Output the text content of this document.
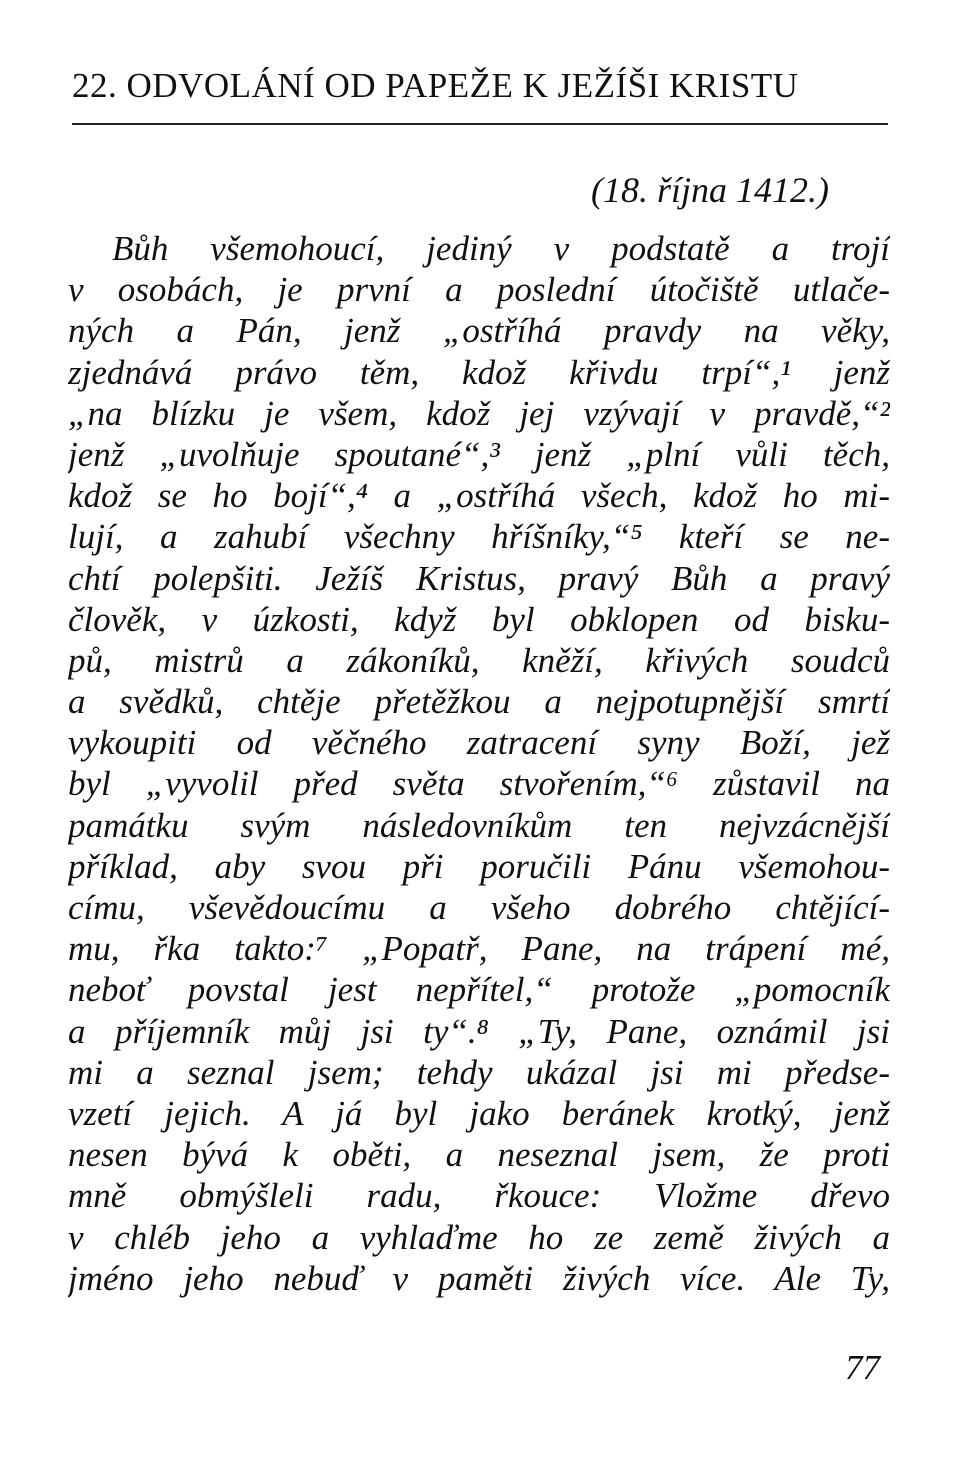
22. ODVOLÁNÍ OD PAPEŽE K JEŽÍŠI KRISTU
(18. října 1412.)
Bůh všemohoucí, jediný v podstatě a trojí
v osobách, je první a poslední útočiště utlače-
ných a Pán, jenž „ostříhá pravdy na věky,
zjednává právo těm, kdož křivdu trpí“,¹ jenž
„na blízku je všem, kdož jej vzývají v pravdě,“²
jenž „uvolňuje spoutané“,³ jenž „plní vůli těch,
kdož se ho bojí“,⁴ a „ostříhá všech, kdož ho mi-
lují, a zahubí všechny hříšníky,“⁵ kteří se ne-
chtí polepšiti. Ježíš Kristus, pravý Bůh a pravý
člověk, v úzkosti, když byl obklopen od bisku-
pů, mistrů a zákoníků, kněží, křivých soudců
a svědků, chtěje přetěžkou a nejpotupnější smrtí
vykoupiti od věčného zatracení syny Boží, jež
byl „vyvolil před světa stvořením,“⁶ zůstavil na
památku svým následovníkům ten nejvzácnější
příklad, aby svou při poručili Pánu všemohou-
címu, vševědoucímu a všeho dobrého chtějící-
mu, řka takto:⁷ „Popatř, Pane, na trápení mé,
neboť povstal jest nepřítel,“ protože „pomocník
a příjemník můj jsi ty“.⁸ „Ty, Pane, oznámil jsi
mi a seznal jsem; tehdy ukázal jsi mi předse-
vzetí jejich. A já byl jako beránek krotký, jenž
nesen bývá k oběti, a neseznal jsem, že proti
mně obmýšleli radu, řkouce: Vložme dřevo
v chléb jeho a vyhlaďme ho ze země živých a
jméno jeho nebuď v paměti živých více. Ale Ty,
77
